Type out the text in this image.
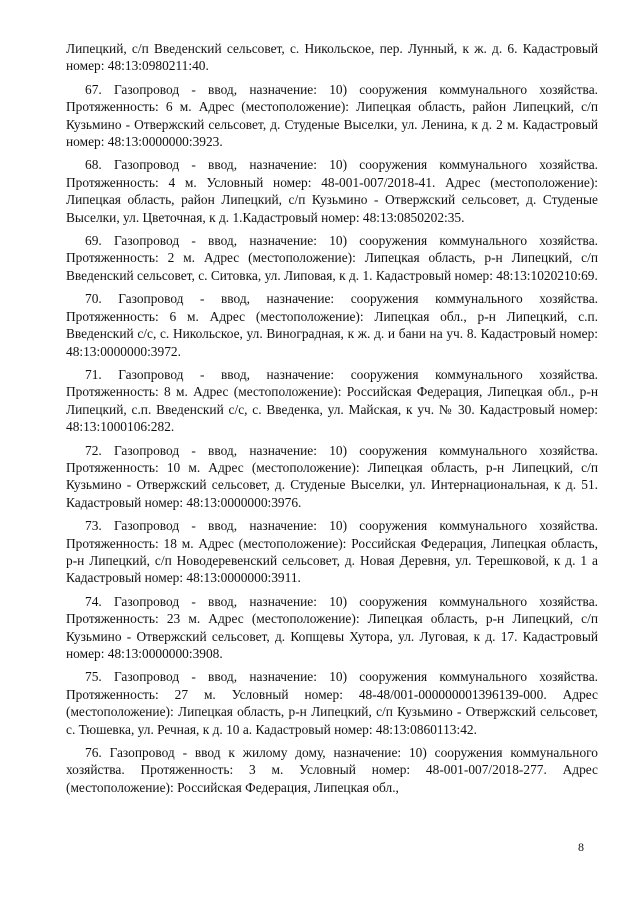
Липецкий, с/п Введенский сельсовет, с. Никольское, пер. Лунный, к ж. д. 6. Кадастровый номер: 48:13:0980211:40.

67. Газопровод - ввод, назначение: 10) сооружения коммунального хозяйства. Протяженность: 6 м. Адрес (местоположение): Липецкая область, район Липецкий, с/п Кузьминo - Отвержский сельсовет, д. Студеные Выселки, ул. Ленина, к д. 2 м. Кадастровый номер: 48:13:0000000:3923.

68. Газопровод - ввод, назначение: 10) сооружения коммунального хозяйства. Протяженность: 4 м. Условный номер: 48-001-007/2018-41. Адрес (местоположение): Липецкая область, район Липецкий, с/п Кузьмино - Отвержский сельсовет, д. Студеные Выселки, ул. Цветочная, к д. 1.Кадастровый номер: 48:13:0850202:35.

69. Газопровод - ввод, назначение: 10) сооружения коммунального хозяйства. Протяженность: 2 м. Адрес (местоположение): Липецкая область, р-н Липецкий, с/п Введенский сельсовет, с. Ситовка, ул. Липовая, к д. 1. Кадастровый номер: 48:13:1020210:69.

70. Газопровод - ввод, назначение: сооружения коммунального хозяйства. Протяженность: 6 м. Адрес (местоположение): Липецкая обл., р-н Липецкий, с.п. Введенский с/с, с. Никольское, ул. Виноградная, к ж. д. и бани на уч. 8. Кадастровый номер: 48:13:0000000:3972.

71. Газопровод - ввод, назначение: сооружения коммунального хозяйства. Протяженность: 8 м. Адрес (местоположение): Российская Федерация, Липецкая обл., р-н Липецкий, с.п. Введенский с/с, с. Введенка, ул. Майская, к уч. № 30. Кадастровый номер: 48:13:1000106:282.

72. Газопровод - ввод, назначение: 10) сооружения коммунального хозяйства. Протяженность: 10 м. Адрес (местоположение): Липецкая область, р-н Липецкий, с/п Кузьмино - Отвержский сельсовет, д. Студеные Выселки, ул. Интернациональная, к д. 51. Кадастровый номер: 48:13:0000000:3976.

73. Газопровод - ввод, назначение: 10) сооружения коммунального хозяйства. Протяженность: 18 м. Адрес (местоположение): Российская Федерация, Липецкая область, р-н Липецкий, с/п Новодеревенский сельсовет, д. Новая Деревня, ул. Терешковой, к д. 1 а Кадастровый номер: 48:13:0000000:3911.

74. Газопровод - ввод, назначение: 10) сооружения коммунального хозяйства. Протяженность: 23 м. Адрес (местоположение): Липецкая область, р-н Липецкий, с/п Кузьмино - Отвержский сельсовет, д. Копщевы Хутора, ул. Луговая, к д. 17. Кадастровый номер: 48:13:0000000:3908.

75. Газопровод - ввод, назначение: 10) сооружения коммунального хозяйства. Протяженность: 27 м. Условный номер: 48-48/001-000000001396139-000. Адрес (местоположение): Липецкая область, р-н Липецкий, с/п Кузьмино - Отвержский сельсовет, с. Тюшевка, ул. Речная, к д. 10 а. Кадастровый номер: 48:13:0860113:42.

76. Газопровод - ввод к жилому дому, назначение: 10) сооружения коммунального хозяйства. Протяженность: 3 м. Условный номер: 48-001-007/2018-277. Адрес (местоположение): Российская Федерация, Липецкая обл.,

8
